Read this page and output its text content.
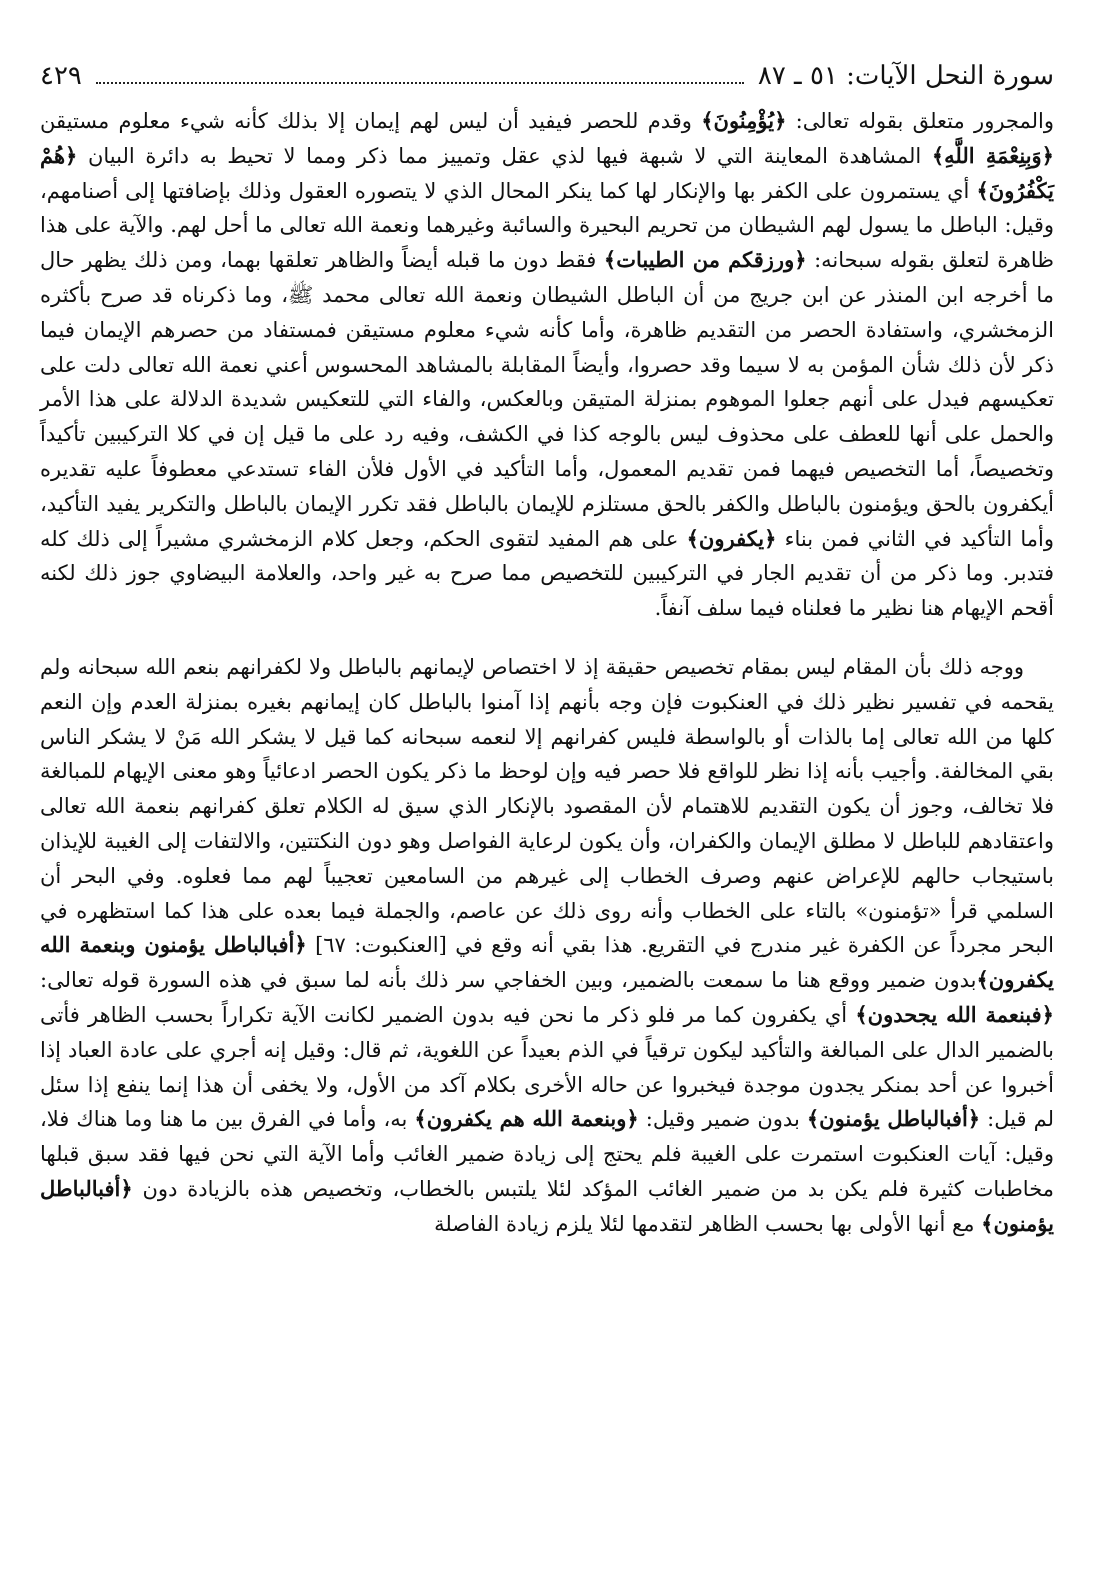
سورة النحل الآيات: ٥١ ـ ٨٧
٤٢٩

والمجرور متعلق بقوله تعالى: ﴿يُؤْمِنُونَ﴾ وقدم للحصر فيفيد أن ليس لهم إيمان إلا بذلك كأنه شيء معلوم مستيقن ﴿وَبِنِعْمَةِ اللَّهِ﴾ المشاهدة المعاينة التي لا شبهة فيها لذي عقل وتمييز مما ذكر ومما لا تحيط به دائرة البيان ﴿هُمْ يَكْفُرُونَ﴾ أي يستمرون على الكفر بها والإنكار لها كما ينكر المحال الذي لا يتصوره العقول وذلك بإضافتها إلى أصنامهم، وقيل: الباطل ما يسول لهم الشيطان من تحريم البحيرة والسائبة وغيرهما ونعمة الله تعالى ما أحل لهم. والآية على هذا ظاهرة لتعلق بقوله سبحانه: ﴿ورزقكم من الطيبات﴾ فقط دون ما قبله أيضاً والظاهر تعلقها بهما، ومن ذلك يظهر حال ما أخرجه ابن المنذر عن ابن جريج من أن الباطل الشيطان ونعمة الله تعالى محمد ﷺ، وما ذكرناه قد صرح بأكثره الزمخشري، واستفادة الحصر من التقديم ظاهرة، وأما كأنه شيء معلوم مستيقن فمستفاد من حصرهم الإيمان فيما ذكر لأن ذلك شأن المؤمن به لا سيما وقد حصروا، وأيضاً المقابلة بالمشاهد المحسوس أعني نعمة الله تعالى دلت على تعكيسهم فيدل على أنهم جعلوا الموهوم بمنزلة المتيقن وبالعكس، والفاء التي للتعكيس شديدة الدلالة على هذا الأمر والحمل على أنها للعطف على محذوف ليس بالوجه كذا في الكشف، وفيه رد على ما قيل إن في كلا التركيبين تأكيداً وتخصيصاً، أما التخصيص فيهما فمن تقديم المعمول، وأما التأكيد في الأول فلأن الفاء تستدعي معطوفاً عليه تقديره أيكفرون بالحق ويؤمنون بالباطل والكفر بالحق مستلزم للإيمان بالباطل فقد تكرر الإيمان بالباطل والتكرير يفيد التأكيد، وأما التأكيد في الثاني فمن بناء ﴿يكفرون﴾ على هم المفيد لتقوى الحكم، وجعل كلام الزمخشري مشيراً إلى ذلك كله فتدبر. وما ذكر من أن تقديم الجار في التركيبين للتخصيص مما صرح به غير واحد، والعلامة البيضاوي جوز ذلك لكنه أقحم الإيهام هنا نظير ما فعلناه فيما سلف آنفاً.

ووجه ذلك بأن المقام ليس بمقام تخصيص حقيقة إذ لا اختصاص لإيمانهم بالباطل ولا لكفرانهم بنعم الله سبحانه ولم يقحمه في تفسير نظير ذلك في العنكبوت فإن وجه بأنهم إذا آمنوا بالباطل كان إيمانهم بغيره بمنزلة العدم وإن النعم كلها من الله تعالى إما بالذات أو بالواسطة فليس كفرانهم إلا لنعمه سبحانه كما قيل لا يشكر الله مَنْ لا يشكر الناس بقي المخالفة. وأجيب بأنه إذا نظر للواقع فلا حصر فيه وإن لوحظ ما ذكر يكون الحصر ادعائياً وهو معنى الإيهام للمبالغة فلا تخالف، وجوز أن يكون التقديم للاهتمام لأن المقصود بالإنكار الذي سيق له الكلام تعلق كفرانهم بنعمة الله تعالى واعتقادهم للباطل لا مطلق الإيمان والكفران، وأن يكون لرعاية الفواصل وهو دون النكتتين، والالتفات إلى الغيبة للإيذان باستيجاب حالهم للإعراض عنهم وصرف الخطاب إلى غيرهم من السامعين تعجيباً لهم مما فعلوه. وفي البحر أن السلمي قرأ «تؤمنون» بالتاء على الخطاب وأنه روى ذلك عن عاصم، والجملة فيما بعده على هذا كما استظهره في البحر مجرداً عن الكفرة غير مندرج في التقريع. هذا بقي أنه وقع في [العنكبوت: ٦٧] ﴿أفبالباطل يؤمنون وبنعمة الله يكفرون﴾بدون ضمير ووقع هنا ما سمعت بالضمير، وبين الخفاجي سر ذلك بأنه لما سبق في هذه السورة قوله تعالى: ﴿فبنعمة الله يجحدون﴾ أي يكفرون كما مر فلو ذكر ما نحن فيه بدون الضمير لكانت الآية تكراراً بحسب الظاهر فأتى بالضمير الدال على المبالغة والتأكيد ليكون ترقياً في الذم بعيداً عن اللغوية، ثم قال: وقيل إنه أجري على عادة العباد إذا أخبروا عن أحد بمنكر يجدون موجدة فيخبروا عن حاله الأخرى بكلام آكد من الأول، ولا يخفى أن هذا إنما ينفع إذا سئل لم قيل: ﴿أفبالباطل يؤمنون﴾ بدون ضمير وقيل: ﴿وبنعمة الله هم يكفرون﴾ به، وأما في الفرق بين ما هنا وما هناك فلا، وقيل: آيات العنكبوت استمرت على الغيبة فلم يحتج إلى زيادة ضمير الغائب وأما الآية التي نحن فيها فقد سبق قبلها مخاطبات كثيرة فلم يكن بد من ضمير الغائب المؤكد لئلا يلتبس بالخطاب، وتخصيص هذه بالزيادة دون ﴿أفبالباطل يؤمنون﴾ مع أنها الأولى بها بحسب الظاهر لتقدمها لئلا يلزم زيادة الفاصلة
